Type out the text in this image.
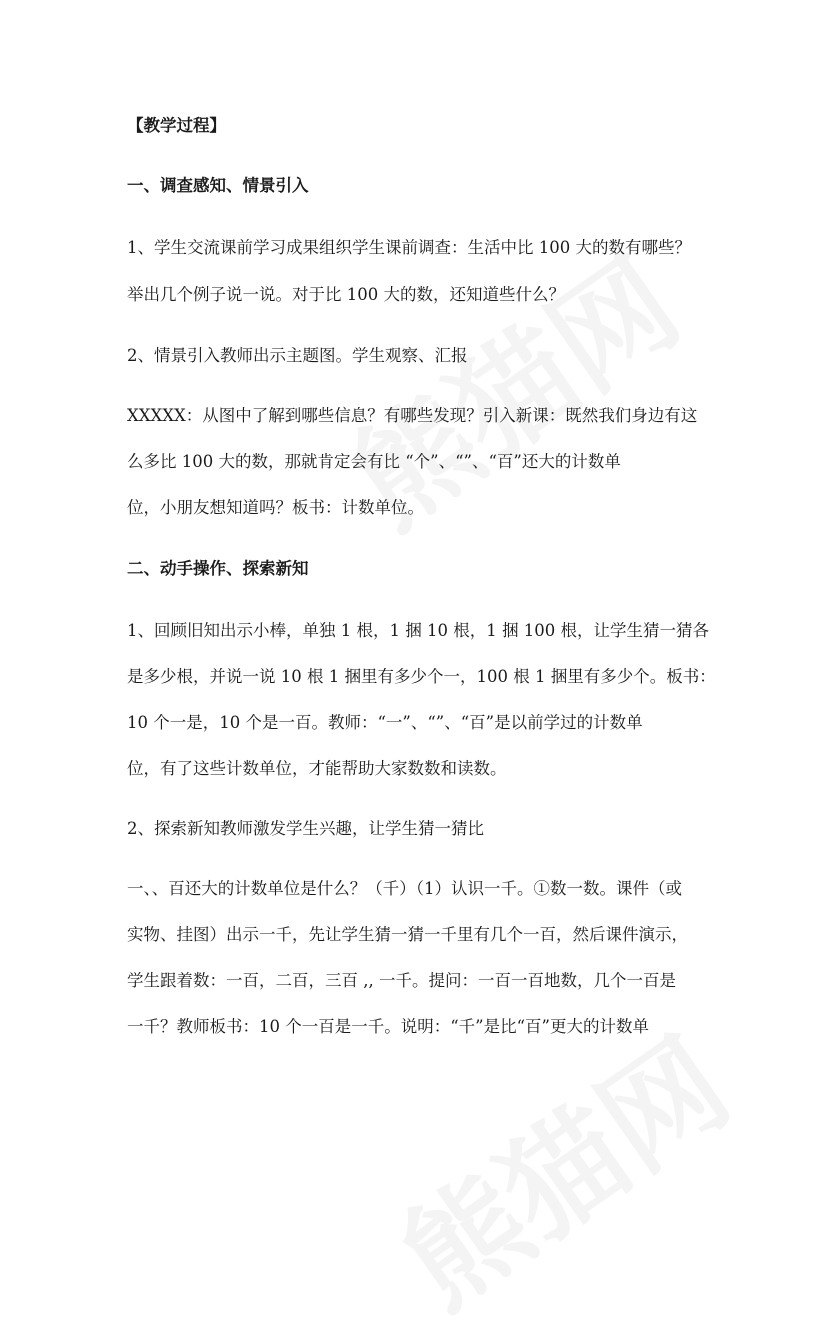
【教学过程】
一、调查感知、情景引入
1、学生交流课前学习成果组织学生课前调查：生活中比 100 大的数有哪些？
举出几个例子说一说。对于比 100 大的数，还知道些什么？
2、情景引入教师出示主题图。学生观察、汇报
XXXXX：从图中了解到哪些信息？有哪些发现？引入新课：既然我们身边有这
么多比 100 大的数，那就肯定会有比 “个”、“”、“百”还大的计数单
位，小朋友想知道吗？板书：计数单位。
二、动手操作、探索新知
1、回顾旧知出示小棒，单独 1 根，1 捆 10 根，1 捆 100 根，让学生猜一猜各
是多少根，并说一说 10 根 1 捆里有多少个一，100 根 1 捆里有多少个。板书：
10 个一是，10 个是一百。教师：“一”、“”、“百”是以前学过的计数单
位，有了这些计数单位，才能帮助大家数数和读数。
2、探索新知教师激发学生兴趣，让学生猜一猜比
一、、百还大的计数单位是什么？（千）（1）认识一千。①数一数。课件（或
实物、挂图）出示一千，先让学生猜一猜一千里有几个一百，然后课件演示，
学生跟着数：一百，二百，三百 ,, 一千。提问：一百一百地数，几个一百是
一千？教师板书：10 个一百是一千。说明：“千”是比“百”更大的计数单
